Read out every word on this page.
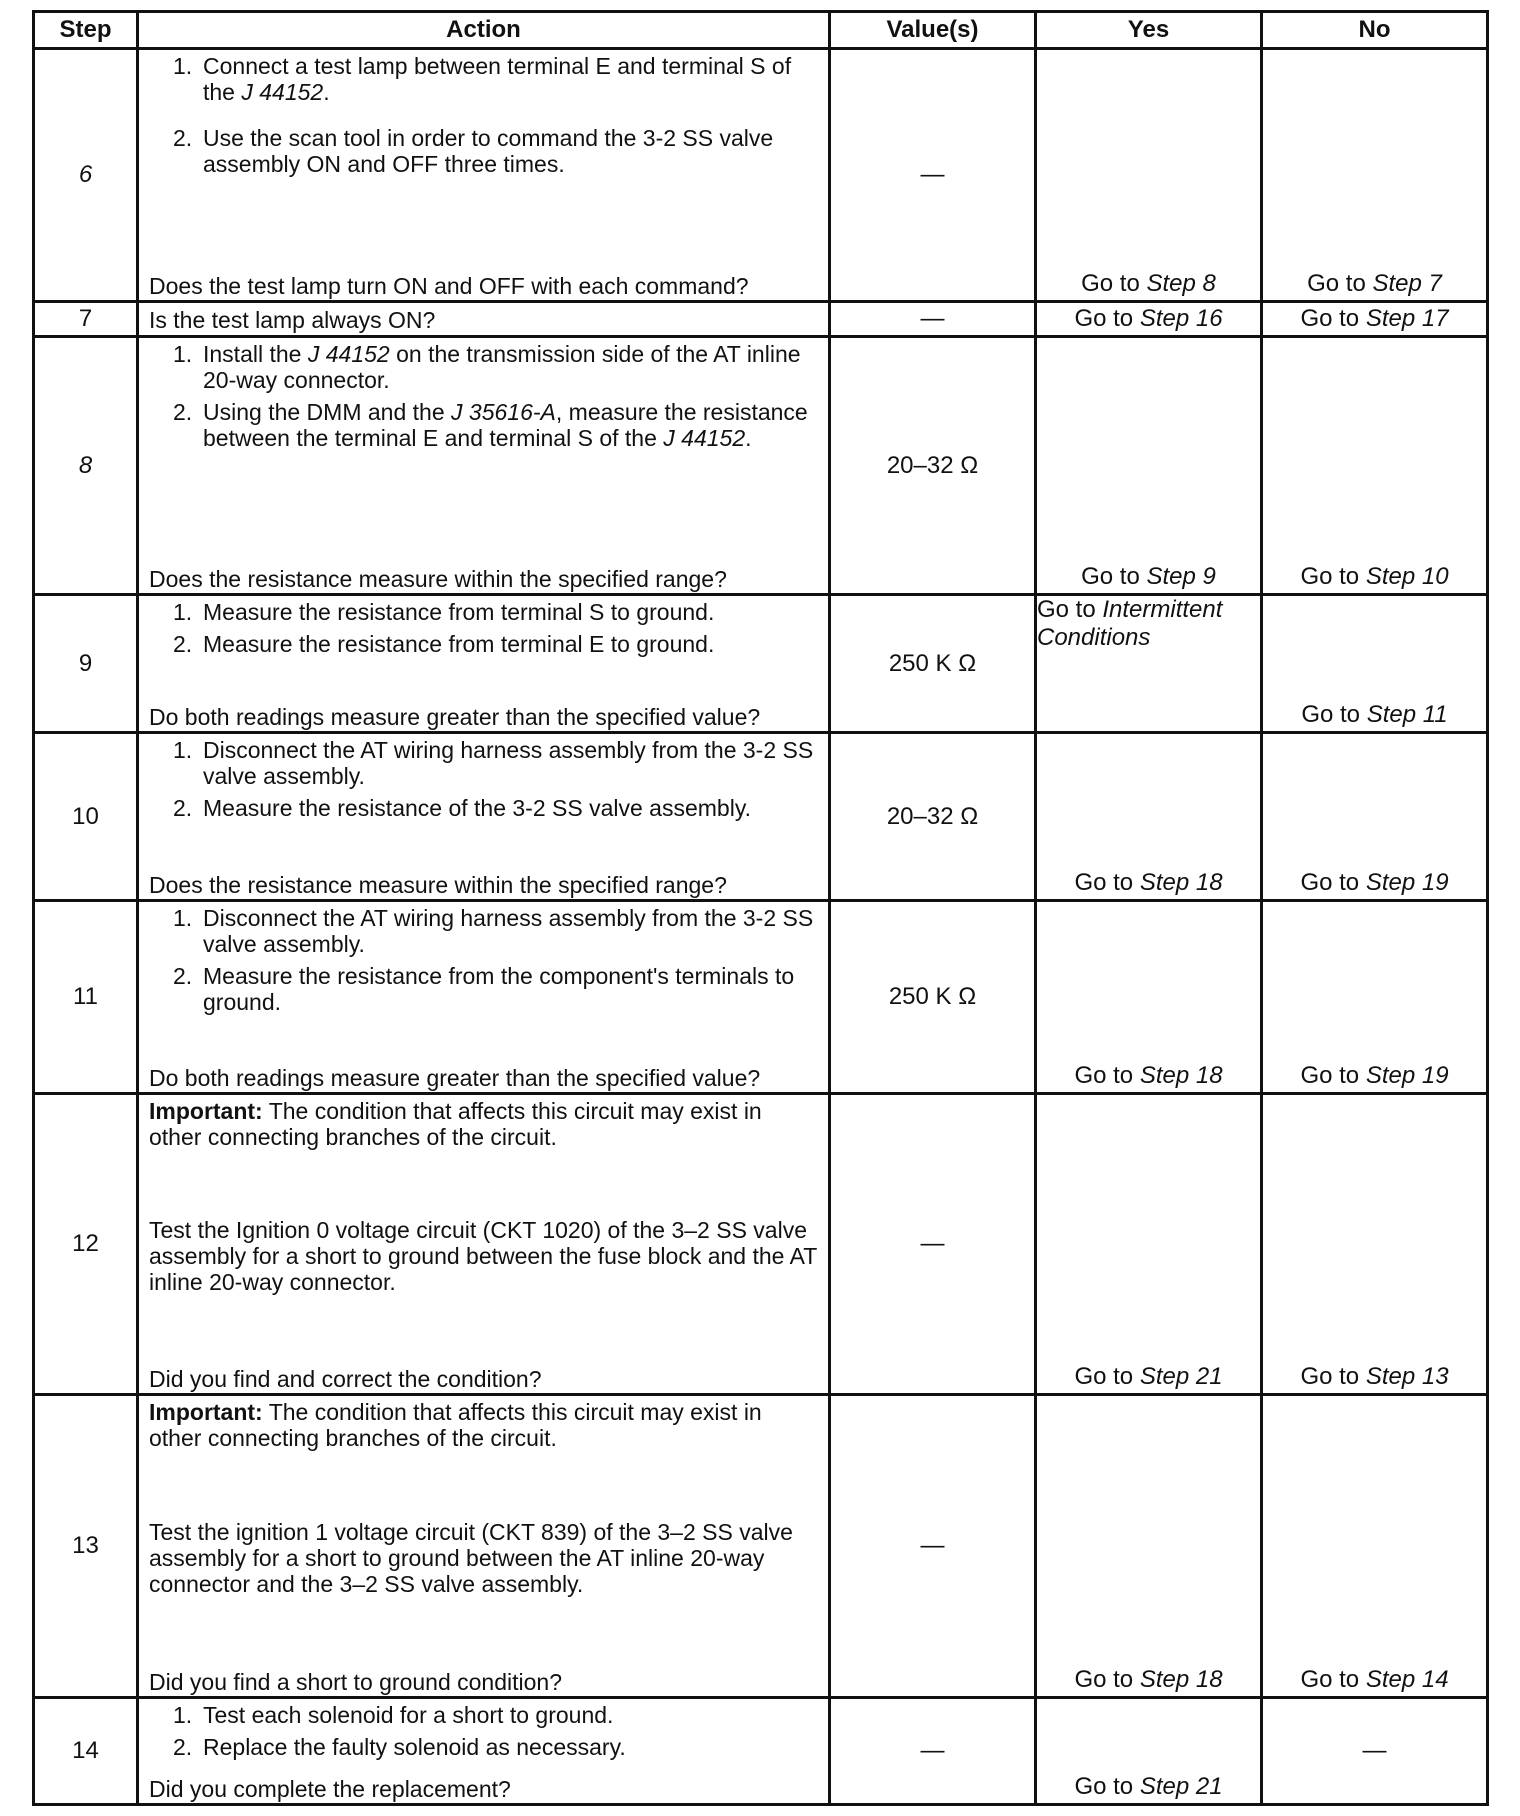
Step	Action	Value(s)	Yes	No
6	1. Connect a test lamp between terminal E and terminal S of the J 44152.
2. Use the scan tool in order to command the 3-2 SS valve assembly ON and OFF three times.
Does the test lamp turn ON and OFF with each command?	—	Go to Step 8	Go to Step 7

7	Is the test lamp always ON?	—	Go to Step 16	Go to Step 17

8	1. Install the J 44152 on the transmission side of the AT inline 20-way connector.
2. Using the DMM and the J 35616-A, measure the resistance between the terminal E and terminal S of the J 44152.
Does the resistance measure within the specified range?	20–32 Ω	Go to Step 9	Go to Step 10

9	1. Measure the resistance from terminal S to ground.
2. Measure the resistance from terminal E to ground.
Do both readings measure greater than the specified value?	250 K Ω	Go to Intermittent Conditions	Go to Step 11

10	1. Disconnect the AT wiring harness assembly from the 3-2 SS valve assembly.
2. Measure the resistance of the 3-2 SS valve assembly.
Does the resistance measure within the specified range?	20–32 Ω	Go to Step 18	Go to Step 19

11	1. Disconnect the AT wiring harness assembly from the 3-2 SS valve assembly.
2. Measure the resistance from the component's terminals to ground.
Do both readings measure greater than the specified value?	250 K Ω	Go to Step 18	Go to Step 19

12	Important: The condition that affects this circuit may exist in other connecting branches of the circuit.
Test the Ignition 0 voltage circuit (CKT 1020) of the 3–2 SS valve assembly for a short to ground between the fuse block and the AT inline 20-way connector.
Did you find and correct the condition?	—	Go to Step 21	Go to Step 13

13	Important: The condition that affects this circuit may exist in other connecting branches of the circuit.
Test the ignition 1 voltage circuit (CKT 839) of the 3–2 SS valve assembly for a short to ground between the AT inline 20-way connector and the 3–2 SS valve assembly.
Did you find a short to ground condition?	—	Go to Step 18	Go to Step 14

14	1. Test each solenoid for a short to ground.
2. Replace the faulty solenoid as necessary.
Did you complete the replacement?	—	Go to Step 21	—
